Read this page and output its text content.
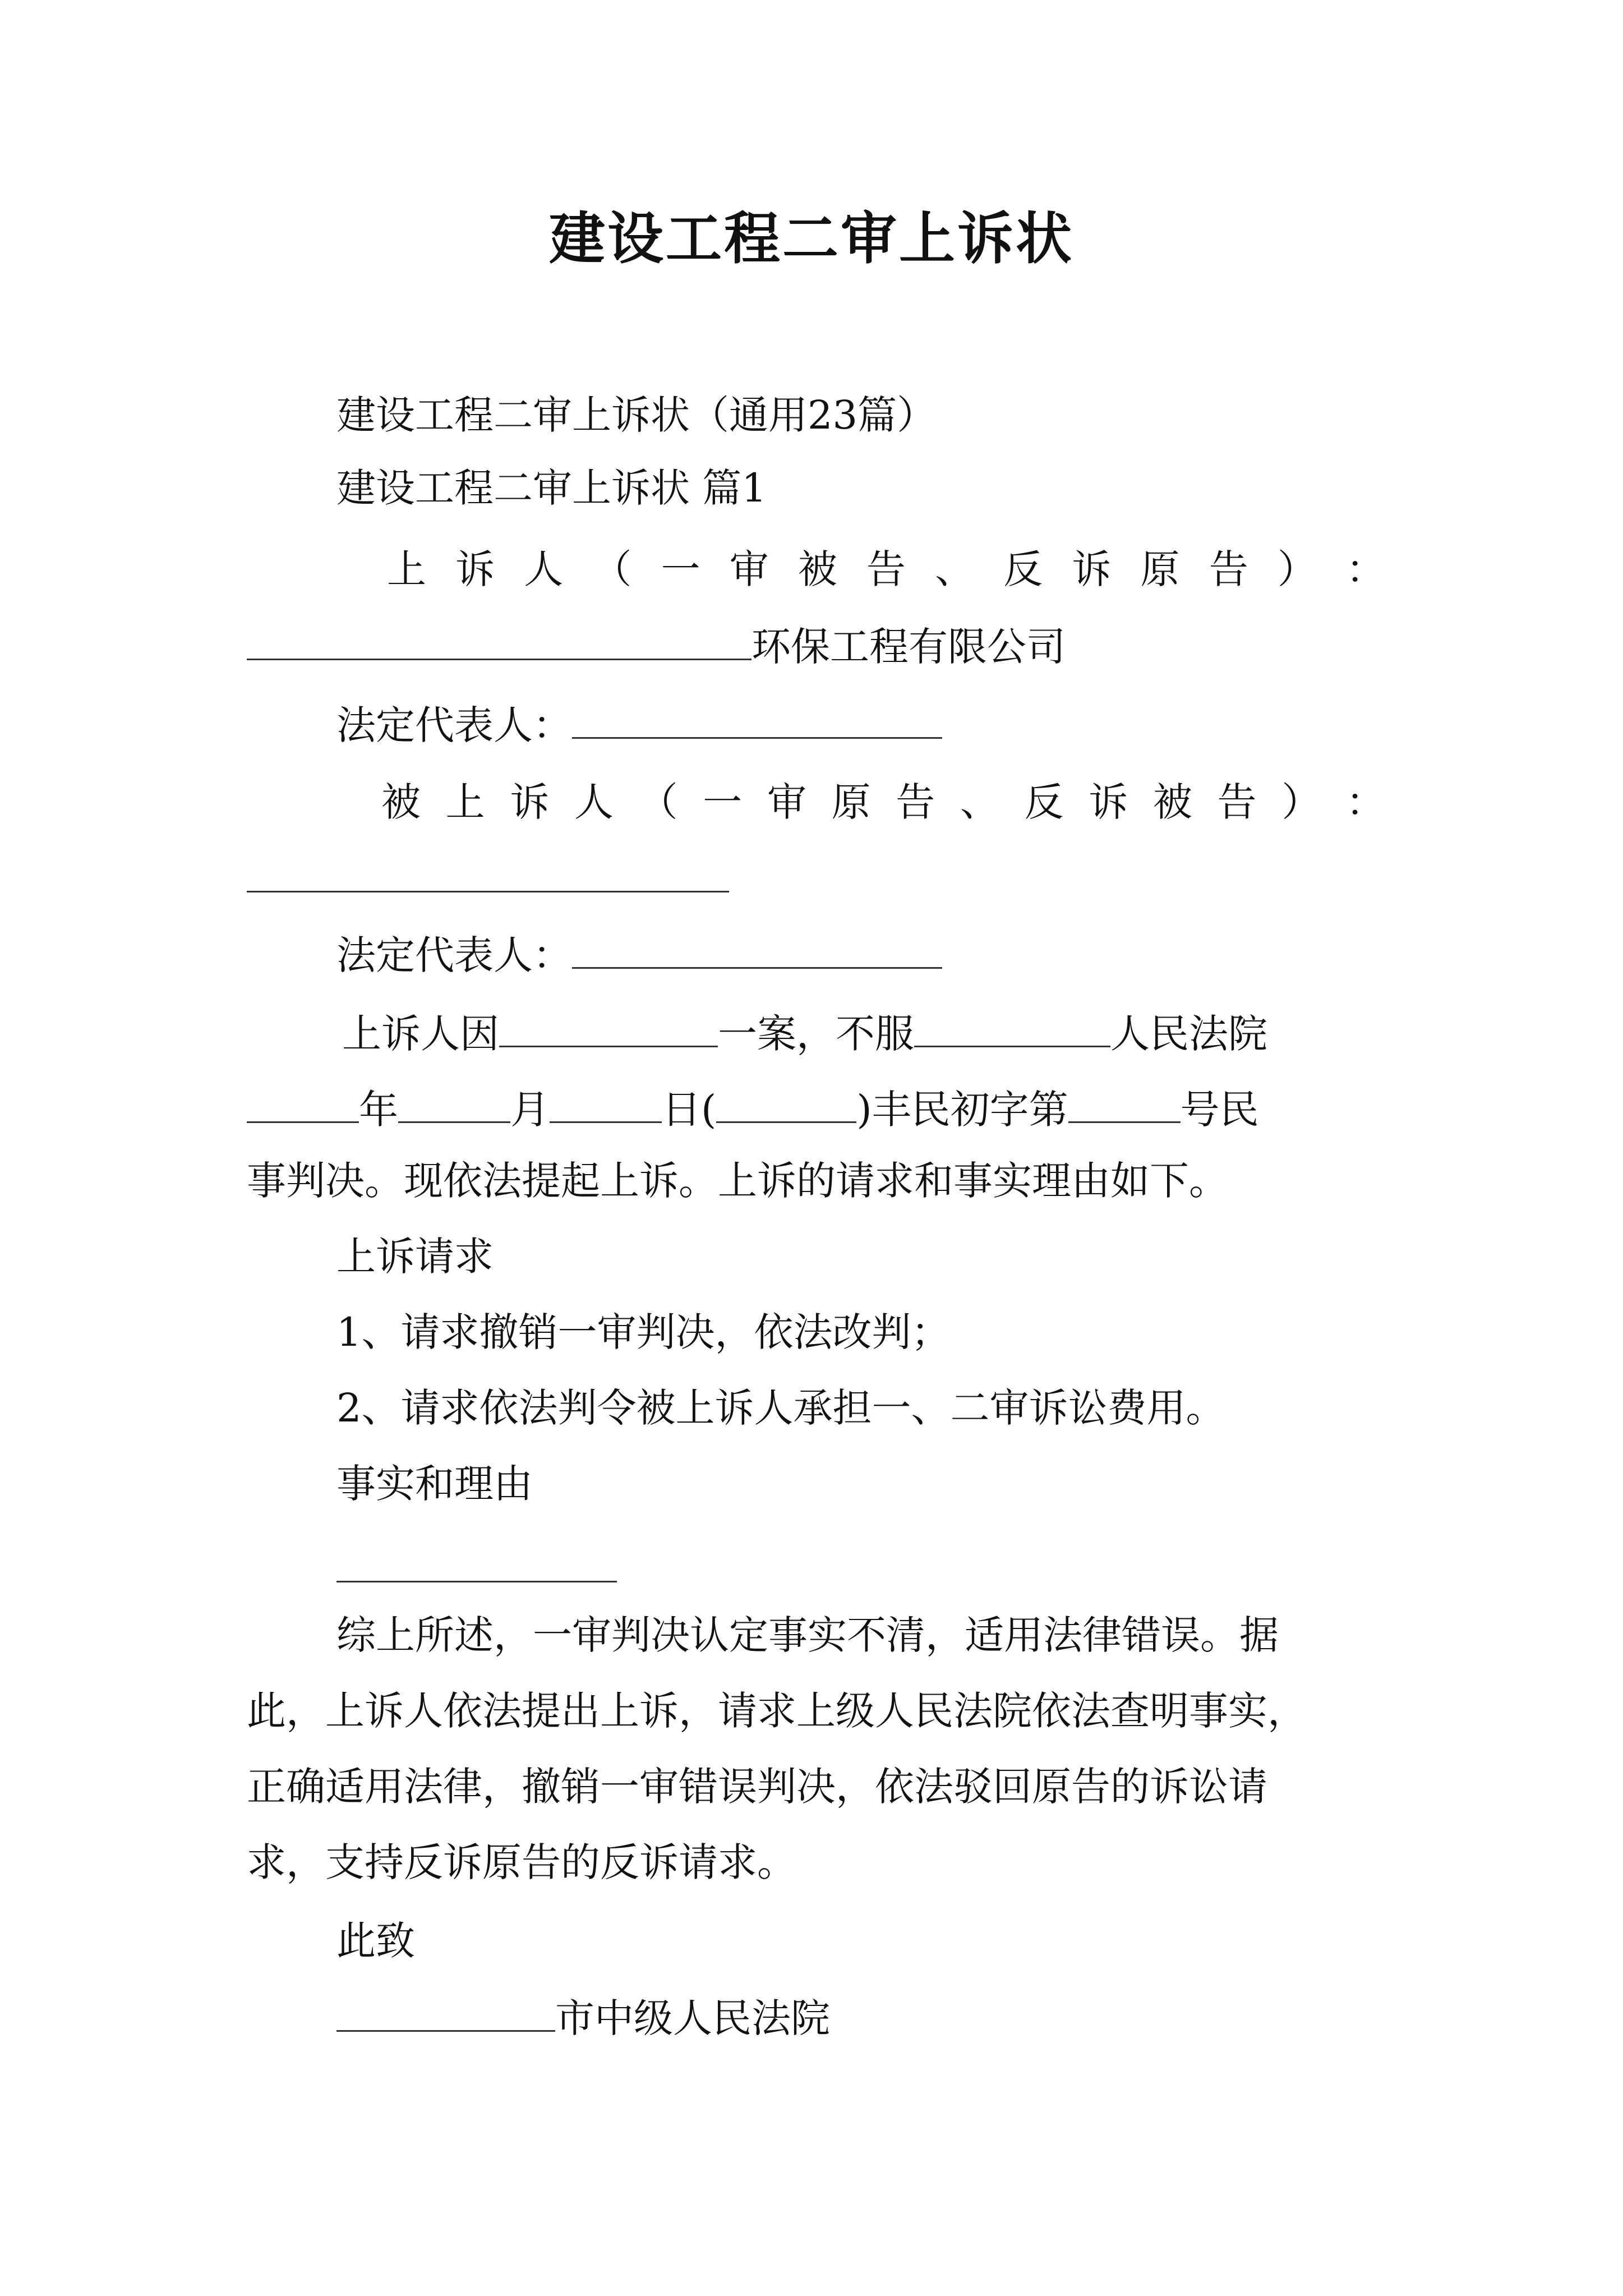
建设工程二审上诉状
建设工程二审上诉状（通用23篇）
建设工程二审上诉状 篇1
上 诉 人 （ 一 审 被 告 、 反 诉 原 告 ） ：
环保工程有限公司
法定代表人：
被 上 诉 人 （ 一 审 原 告 、 反 诉 被 告 ） ：
法定代表人：
上诉人因	一案，不服	人民法院
年	月	日(	)丰民初字第	号民
事判决。现依法提起上诉。上诉的请求和事实理由如下。
上诉请求
1、请求撤销一审判决，依法改判；
2、请求依法判令被上诉人承担一、二审诉讼费用。
事实和理由
综上所述，一审判决认定事实不清，适用法律错误。据
此，上诉人依法提出上诉，请求上级人民法院依法查明事实，
正确适用法律，撤销一审错误判决，依法驳回原告的诉讼请
求，支持反诉原告的反诉请求。
此致
市中级人民法院
